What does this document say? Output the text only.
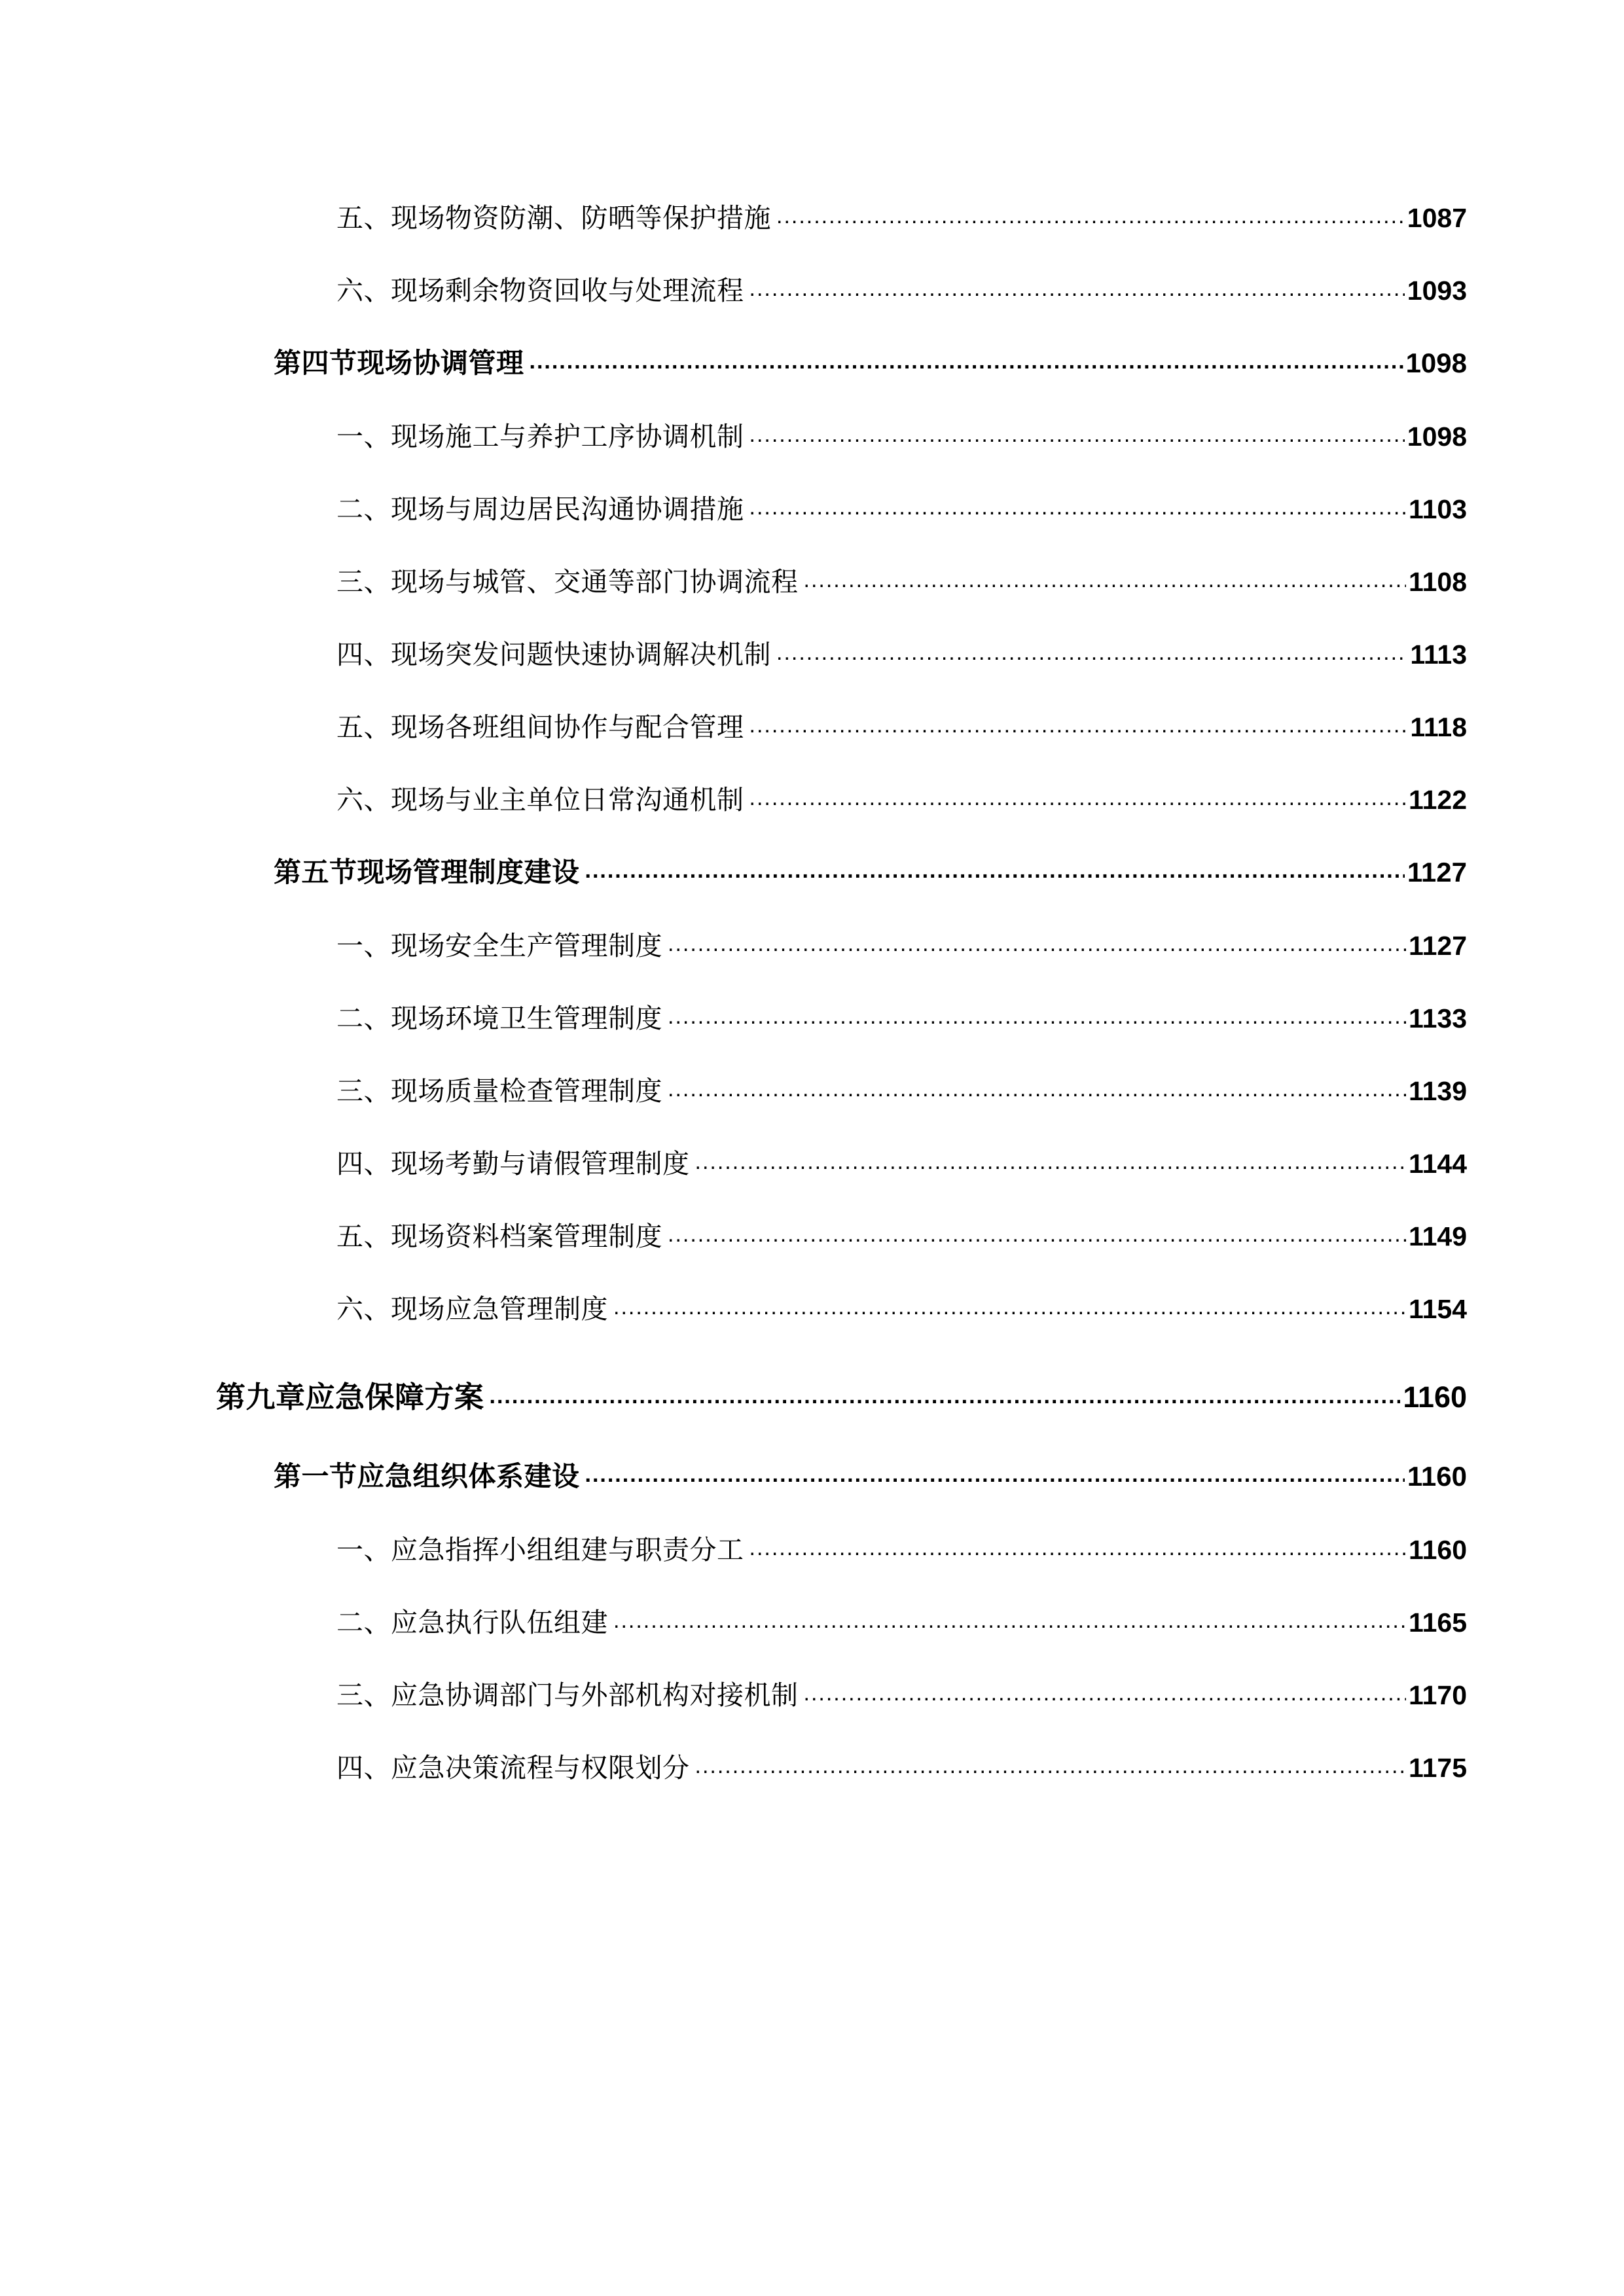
五、现场物资防潮、防晒等保护措施 .....	1087
六、现场剩余物资回收与处理流程 .....	1093
第四节现场协调管理 .....	1098
一、现场施工与养护工序协调机制 .....	1098
二、现场与周边居民沟通协调措施 .....	1103
三、现场与城管、交通等部门协调流程 .....	1108
四、现场突发问题快速协调解决机制 .....	1113
五、现场各班组间协作与配合管理 .....	1118
六、现场与业主单位日常沟通机制 .....	1122
第五节现场管理制度建设 .....	1127
一、现场安全生产管理制度 .....	1127
二、现场环境卫生管理制度 .....	1133
三、现场质量检查管理制度 .....	1139
四、现场考勤与请假管理制度 .....	1144
五、现场资料档案管理制度 .....	1149
六、现场应急管理制度 .....	1154
第九章应急保障方案 .....	1160
第一节应急组织体系建设 .....	1160
一、应急指挥小组组建与职责分工 .....	1160
二、应急执行队伍组建 .....	1165
三、应急协调部门与外部机构对接机制 .....	1170
四、应急决策流程与权限划分 .....	1175
